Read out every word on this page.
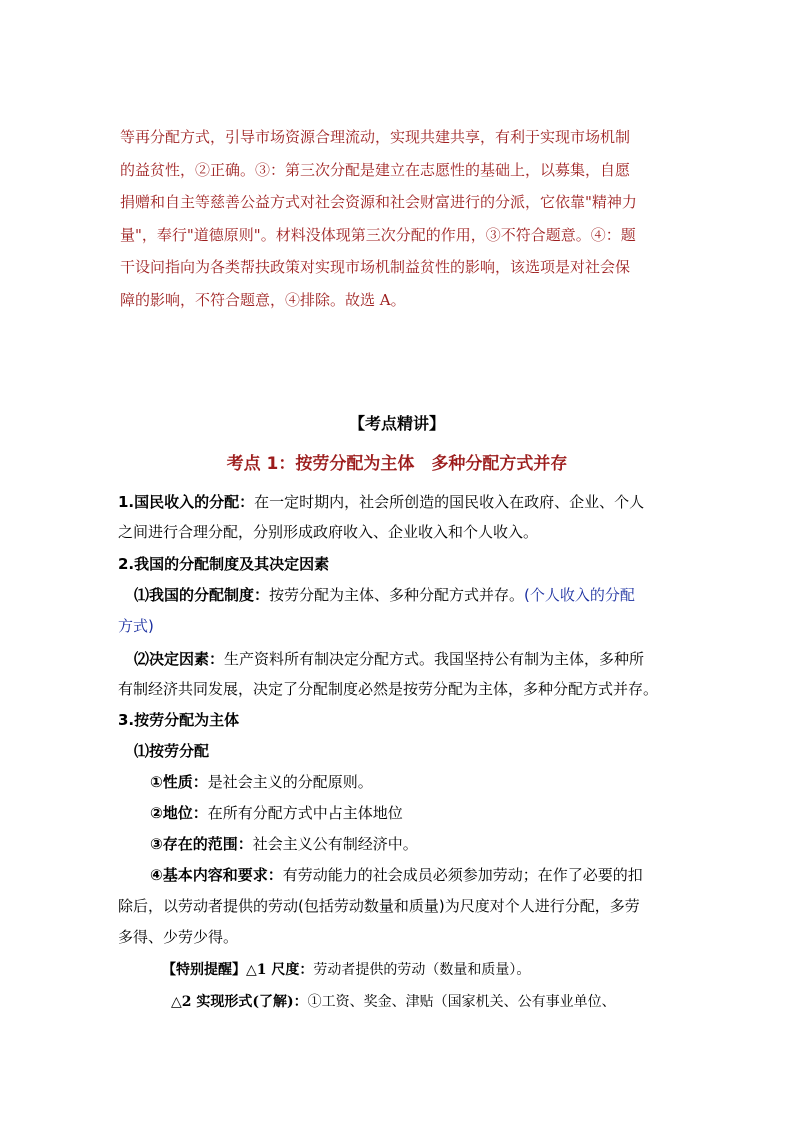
等再分配方式，引导市场资源合理流动，实现共建共享，有利于实现市场机制

的益贫性，②正确。③：第三次分配是建立在志愿性的基础上，以募集，自愿

捐赠和自主等慈善公益方式对社会资源和社会财富进行的分派，它依靠"精神力

量"，奉行"道德原则"。材料没体现第三次分配的作用，③不符合题意。④：题

干设问指向为各类帮扶政策对实现市场机制益贫性的影响，该选项是对社会保

障的影响，不符合题意，④排除。故选 A。

【考点精讲】
考点 1：按劳分配为主体　多种分配方式并存
1.国民收入的分配：在一定时期内，社会所创造的国民收入在政府、企业、个人
之间进行合理分配，分别形成政府收入、企业收入和个人收入。
2.我国的分配制度及其决定因素
⑴我国的分配制度：按劳分配为主体、多种分配方式并存。(个人收入的分配
方式)
⑵决定因素：生产资料所有制决定分配方式。我国坚持公有制为主体，多种所
有制经济共同发展，决定了分配制度必然是按劳分配为主体，多种分配方式并存。
3.按劳分配为主体
⑴按劳分配
①性质：是社会主义的分配原则。
②地位：在所有分配方式中占主体地位
③存在的范围：社会主义公有制经济中。
④基本内容和要求：有劳动能力的社会成员必须参加劳动；在作了必要的扣
除后，以劳动者提供的劳动(包括劳动数量和质量)为尺度对个人进行分配，多劳
多得、少劳少得。
【特别提醒】△1 尺度：劳动者提供的劳动（数量和质量）。
△2 实现形式(了解)：①工资、奖金、津贴（国家机关、公有事业单位、
